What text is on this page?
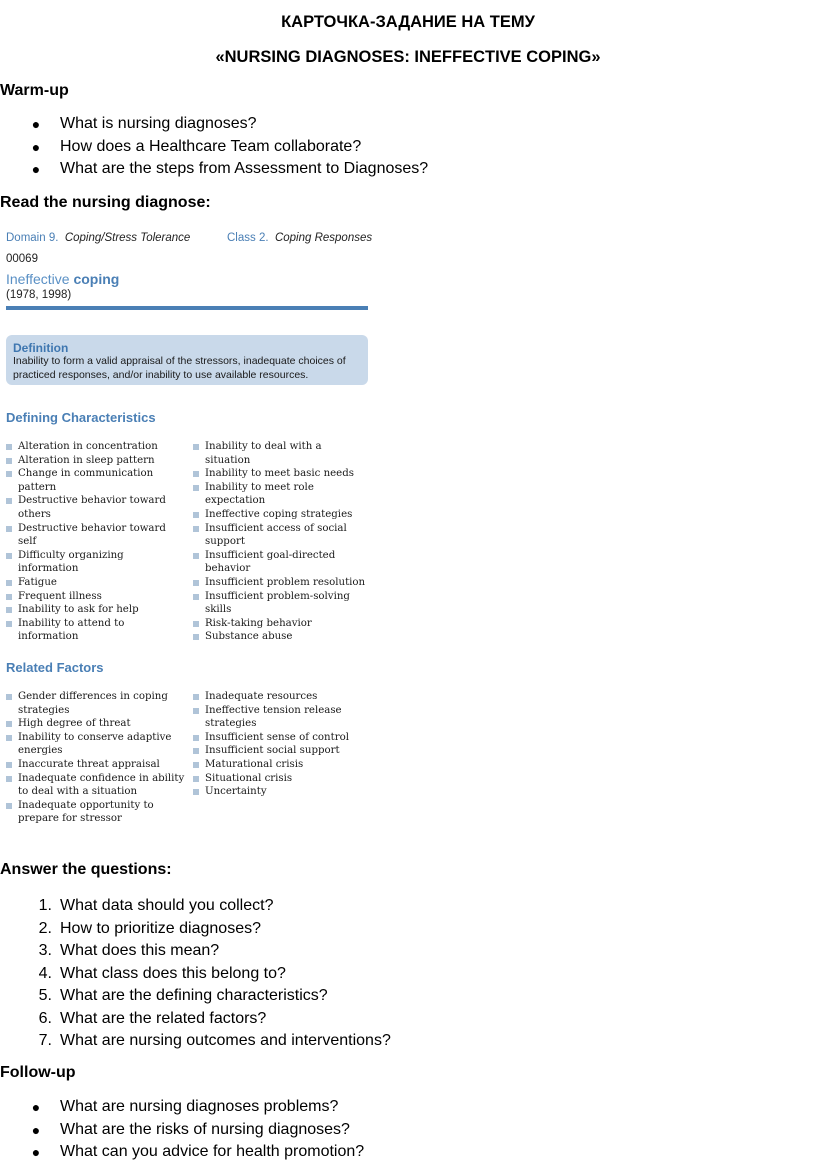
КАРТОЧКА-ЗАДАНИЕ НА ТЕМУ
«NURSING DIAGNOSES: INEFFECTIVE COPING»
Warm-up
● What is nursing diagnoses?
● How does a Healthcare Team collaborate?
● What are the steps from Assessment to Diagnoses?
Read the nursing diagnose:
Domain 9. Coping/Stress Tolerance	Class 2. Coping Responses
00069
Ineffective coping
(1978, 1998)
Definition
Inability to form a valid appraisal of the stressors, inadequate choices of practiced responses, and/or inability to use available resources.
Defining Characteristics
Alteration in concentration
Alteration in sleep pattern
Change in communication pattern
Destructive behavior toward others
Destructive behavior toward self
Difficulty organizing information
Fatigue
Frequent illness
Inability to ask for help
Inability to attend to information
Inability to deal with a situation
Inability to meet basic needs
Inability to meet role expectation
Ineffective coping strategies
Insufficient access of social support
Insufficient goal-directed behavior
Insufficient problem resolution
Insufficient problem-solving skills
Risk-taking behavior
Substance abuse
Related Factors
Gender differences in coping strategies
High degree of threat
Inability to conserve adaptive energies
Inaccurate threat appraisal
Inadequate confidence in ability to deal with a situation
Inadequate opportunity to prepare for stressor
Inadequate resources
Ineffective tension release strategies
Insufficient sense of control
Insufficient social support
Maturational crisis
Situational crisis
Uncertainty
Answer the questions:
1. What data should you collect?
2. How to prioritize diagnoses?
3. What does this mean?
4. What class does this belong to?
5. What are the defining characteristics?
6. What are the related factors?
7. What are nursing outcomes and interventions?
Follow-up
● What are nursing diagnoses problems?
● What are the risks of nursing diagnoses?
● What can you advice for health promotion?
